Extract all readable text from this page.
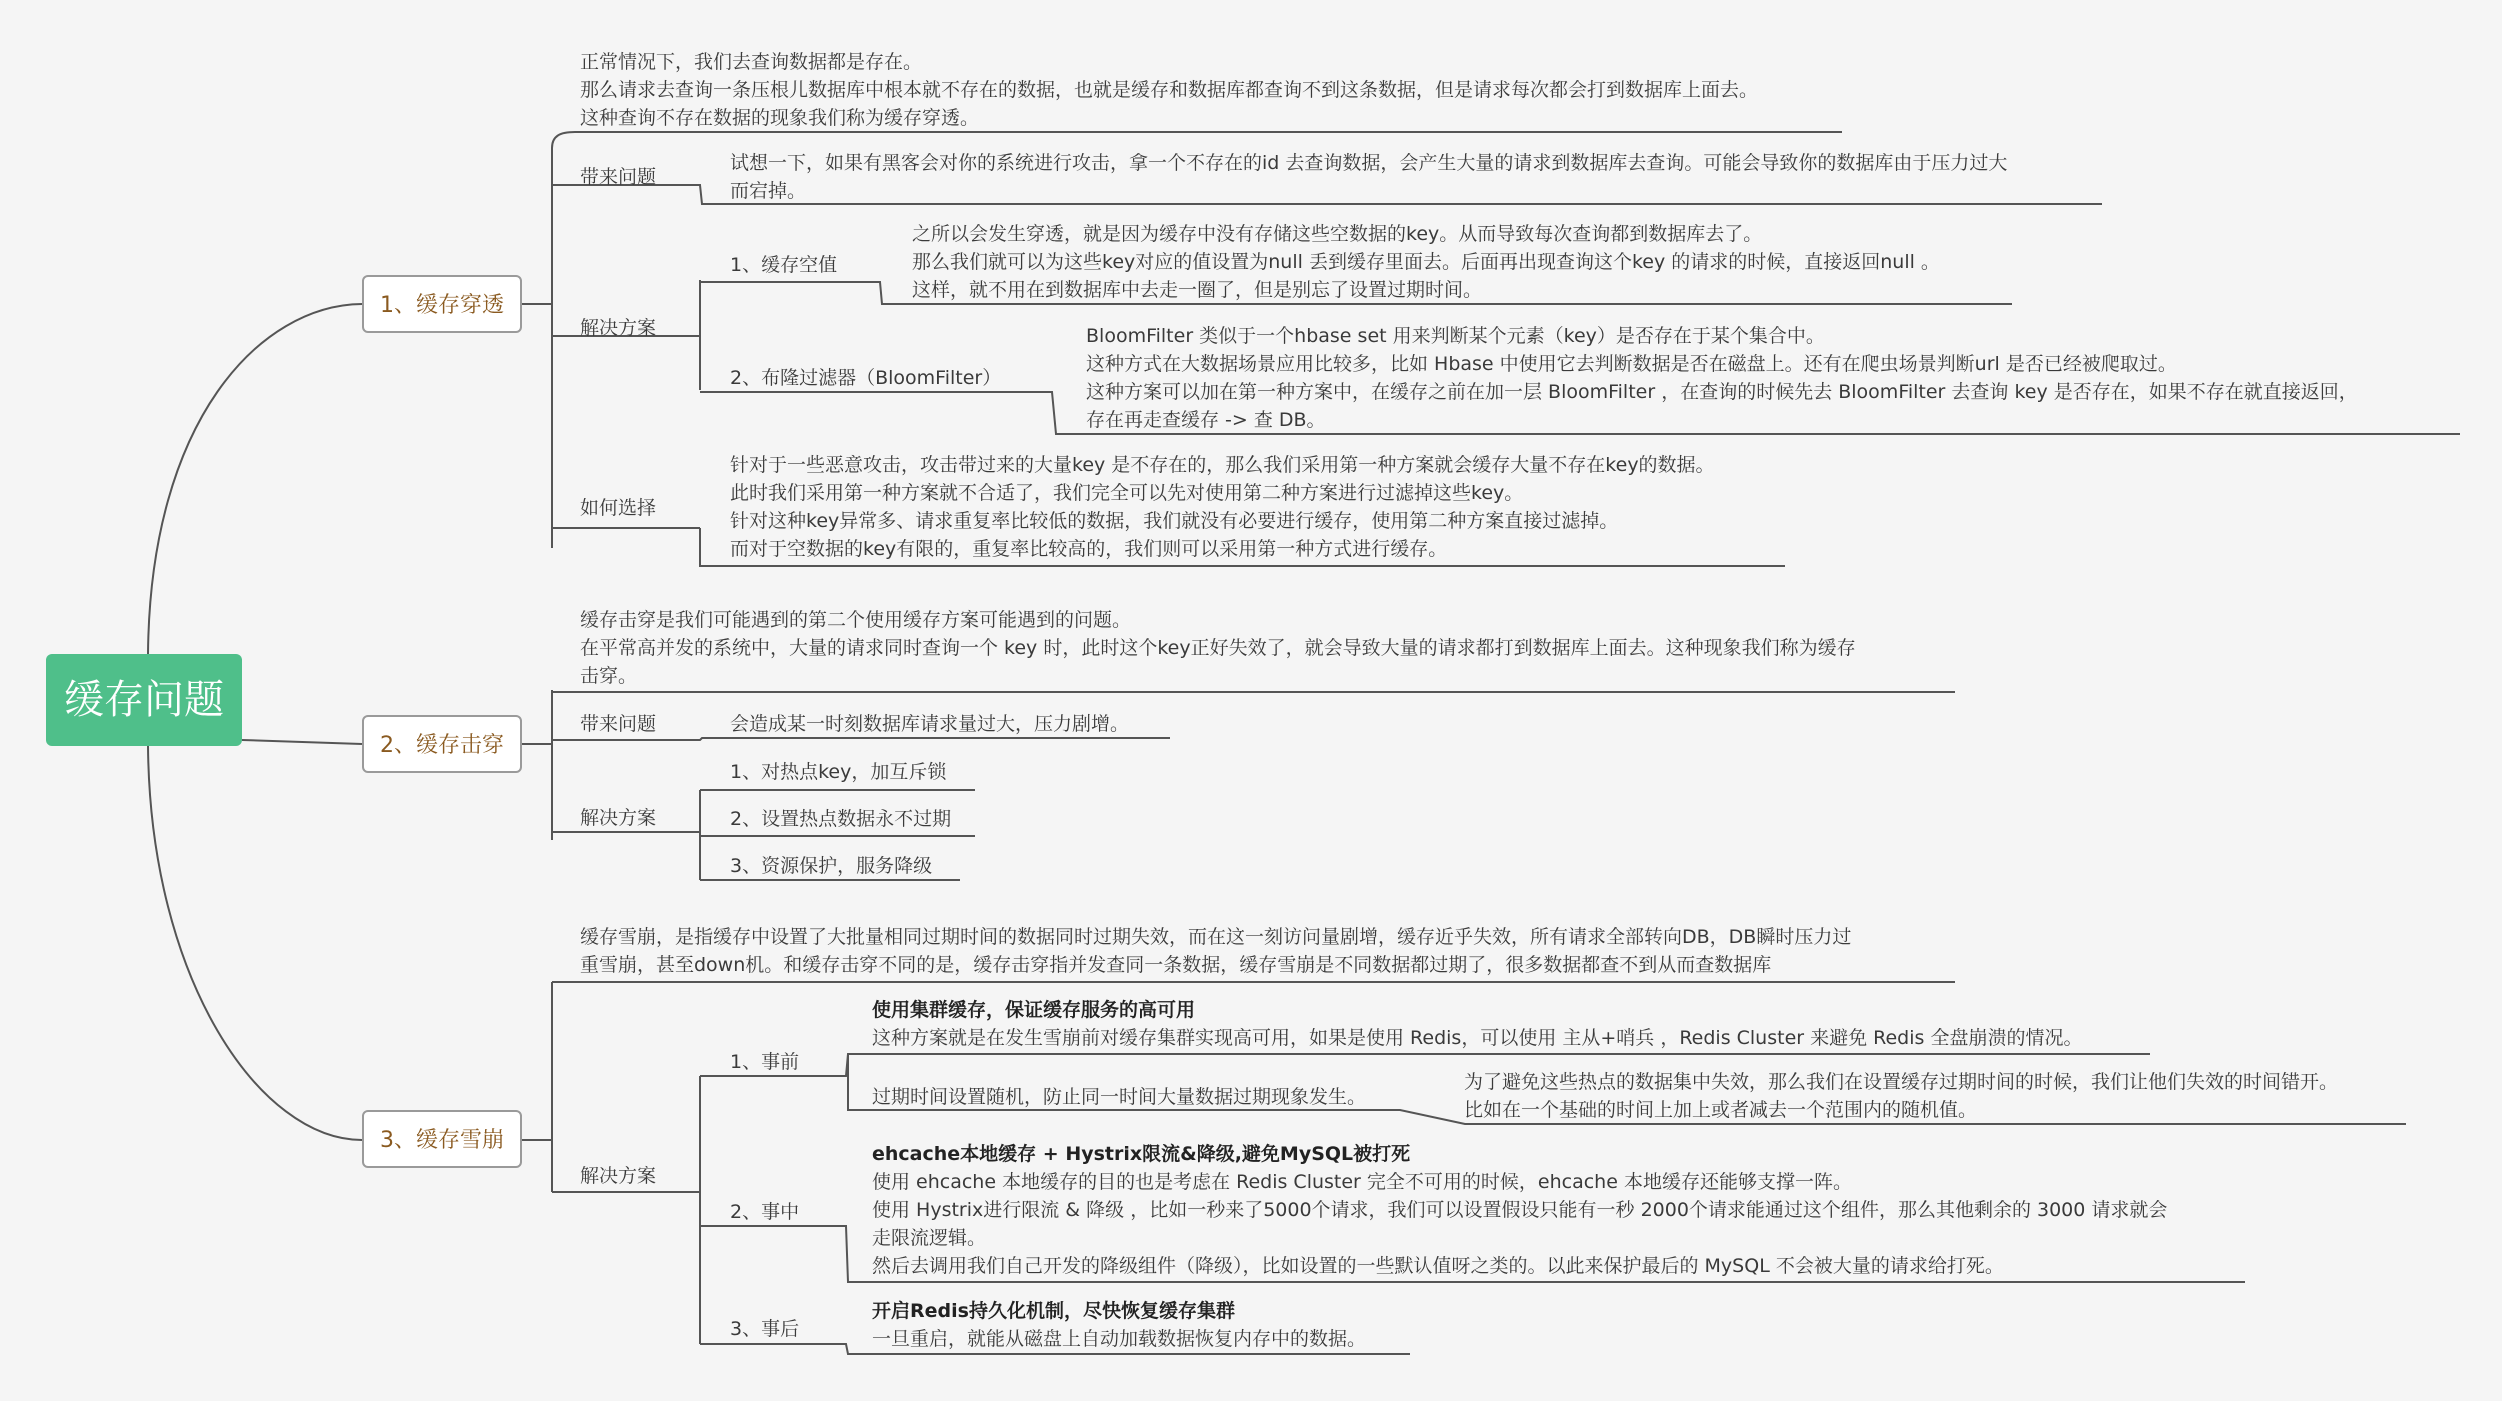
缓存问题
1、缓存穿透
正常情况下，我们去查询数据都是存在。
那么请求去查询一条压根儿数据库中根本就不存在的数据，也就是缓存和数据库都查询不到这条数据，但是请求每次都会打到数据库上面去。
这种查询不存在数据的现象我们称为缓存穿透。
带来问题
试想一下，如果有黑客会对你的系统进行攻击，拿一个不存在的id 去查询数据，会产生大量的请求到数据库去查询。可能会导致你的数据库由于压力过大
而宕掉。
解决方案
1、缓存空值
之所以会发生穿透，就是因为缓存中没有存储这些空数据的key。从而导致每次查询都到数据库去了。
那么我们就可以为这些key对应的值设置为null 丢到缓存里面去。后面再出现查询这个key 的请求的时候，直接返回null 。
这样，就不用在到数据库中去走一圈了，但是别忘了设置过期时间。
2、布隆过滤器（BloomFilter）
BloomFilter 类似于一个hbase set 用来判断某个元素（key）是否存在于某个集合中。
这种方式在大数据场景应用比较多，比如 Hbase 中使用它去判断数据是否在磁盘上。还有在爬虫场景判断url 是否已经被爬取过。
这种方案可以加在第一种方案中，在缓存之前在加一层 BloomFilter ，在查询的时候先去 BloomFilter 去查询 key 是否存在，如果不存在就直接返回，
存在再走查缓存 -> 查 DB。
如何选择
针对于一些恶意攻击，攻击带过来的大量key 是不存在的，那么我们采用第一种方案就会缓存大量不存在key的数据。
此时我们采用第一种方案就不合适了，我们完全可以先对使用第二种方案进行过滤掉这些key。
针对这种key异常多、请求重复率比较低的数据，我们就没有必要进行缓存，使用第二种方案直接过滤掉。
而对于空数据的key有限的，重复率比较高的，我们则可以采用第一种方式进行缓存。
2、缓存击穿
缓存击穿是我们可能遇到的第二个使用缓存方案可能遇到的问题。
在平常高并发的系统中，大量的请求同时查询一个 key 时，此时这个key正好失效了，就会导致大量的请求都打到数据库上面去。这种现象我们称为缓存
击穿。
带来问题	会造成某一时刻数据库请求量过大，压力剧增。
解决方案
1、对热点key，加互斥锁
2、设置热点数据永不过期
3、资源保护，服务降级
3、缓存雪崩
缓存雪崩，是指缓存中设置了大批量相同过期时间的数据同时过期失效，而在这一刻访问量剧增，缓存近乎失效，所有请求全部转向DB，DB瞬时压力过
重雪崩，甚至down机。和缓存击穿不同的是，缓存击穿指并发查同一条数据，缓存雪崩是不同数据都过期了，很多数据都查不到从而查数据库
解决方案
1、事前
使用集群缓存，保证缓存服务的高可用
这种方案就是在发生雪崩前对缓存集群实现高可用，如果是使用 Redis，可以使用 主从+哨兵 ，Redis Cluster 来避免 Redis 全盘崩溃的情况。
过期时间设置随机，防止同一时间大量数据过期现象发生。
为了避免这些热点的数据集中失效，那么我们在设置缓存过期时间的时候，我们让他们失效的时间错开。
比如在一个基础的时间上加上或者减去一个范围内的随机值。
2、事中
ehcache本地缓存 + Hystrix限流&降级,避免MySQL被打死
使用 ehcache 本地缓存的目的也是考虑在 Redis Cluster 完全不可用的时候，ehcache 本地缓存还能够支撑一阵。
使用 Hystrix进行限流 & 降级 ，比如一秒来了5000个请求，我们可以设置假设只能有一秒 2000个请求能通过这个组件，那么其他剩余的 3000 请求就会
走限流逻辑。
然后去调用我们自己开发的降级组件（降级），比如设置的一些默认值呀之类的。以此来保护最后的 MySQL 不会被大量的请求给打死。
3、事后
开启Redis持久化机制，尽快恢复缓存集群
一旦重启，就能从磁盘上自动加载数据恢复内存中的数据。
